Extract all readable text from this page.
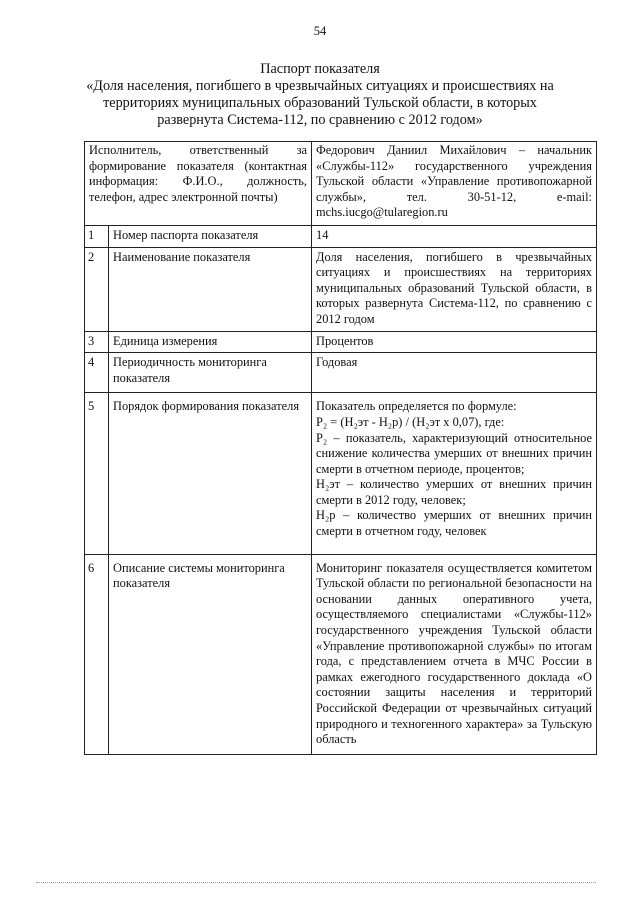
54
Паспорт показателя
«Доля населения, погибшего в чрезвычайных ситуациях и происшествиях на
территориях муниципальных образований Тульской области, в которых
развернута Система-112, по сравнению с 2012 годом»
Исполнитель, ответственный за формирование показателя (контактная информация: Ф.И.О., должность, телефон, адрес электронной почты)		Федорович Даниил Михайлович – начальник «Службы-112» государственного учреждения Тульской области «Управление противопожарной службы», тел. 30-51-12, e-mail: mchs.iucgo@tularegion.ru
1	Номер паспорта показателя	14
2	Наименование показателя	Доля населения, погибшего в чрезвычайных ситуациях и происшествиях на территориях муниципальных образований Тульской области, в которых развернута Система-112, по сравнению с 2012 годом
3	Единица измерения	Процентов
4	Периодичность мониторинга показателя	Годовая
5	Порядок формирования показателя	Показатель определяется по формуле:
P₂ = (Н₂эт - Н₂р) / (Н₂эт х 0,07), где:
P₂ – показатель, характеризующий относительное снижение количества умерших от внешних причин смерти в отчетном периоде, процентов;
Н₂эт – количество умерших от внешних причин смерти в 2012 году, человек;
Н₂р – количество умерших от внешних причин смерти в отчетном году, человек

6	Описание системы мониторинга показателя	Мониторинг показателя осуществляется комитетом Тульской области по региональной безопасности на основании данных оперативного учета, осуществляемого специалистами «Службы-112» государственного учреждения Тульской области «Управление противопожарной службы» по итогам года, с представлением отчета в МЧС России в рамках ежегодного государственного доклада «О состоянии защиты населения и территорий Российской Федерации от чрезвычайных ситуаций природного и техногенного характера» за Тульскую область
